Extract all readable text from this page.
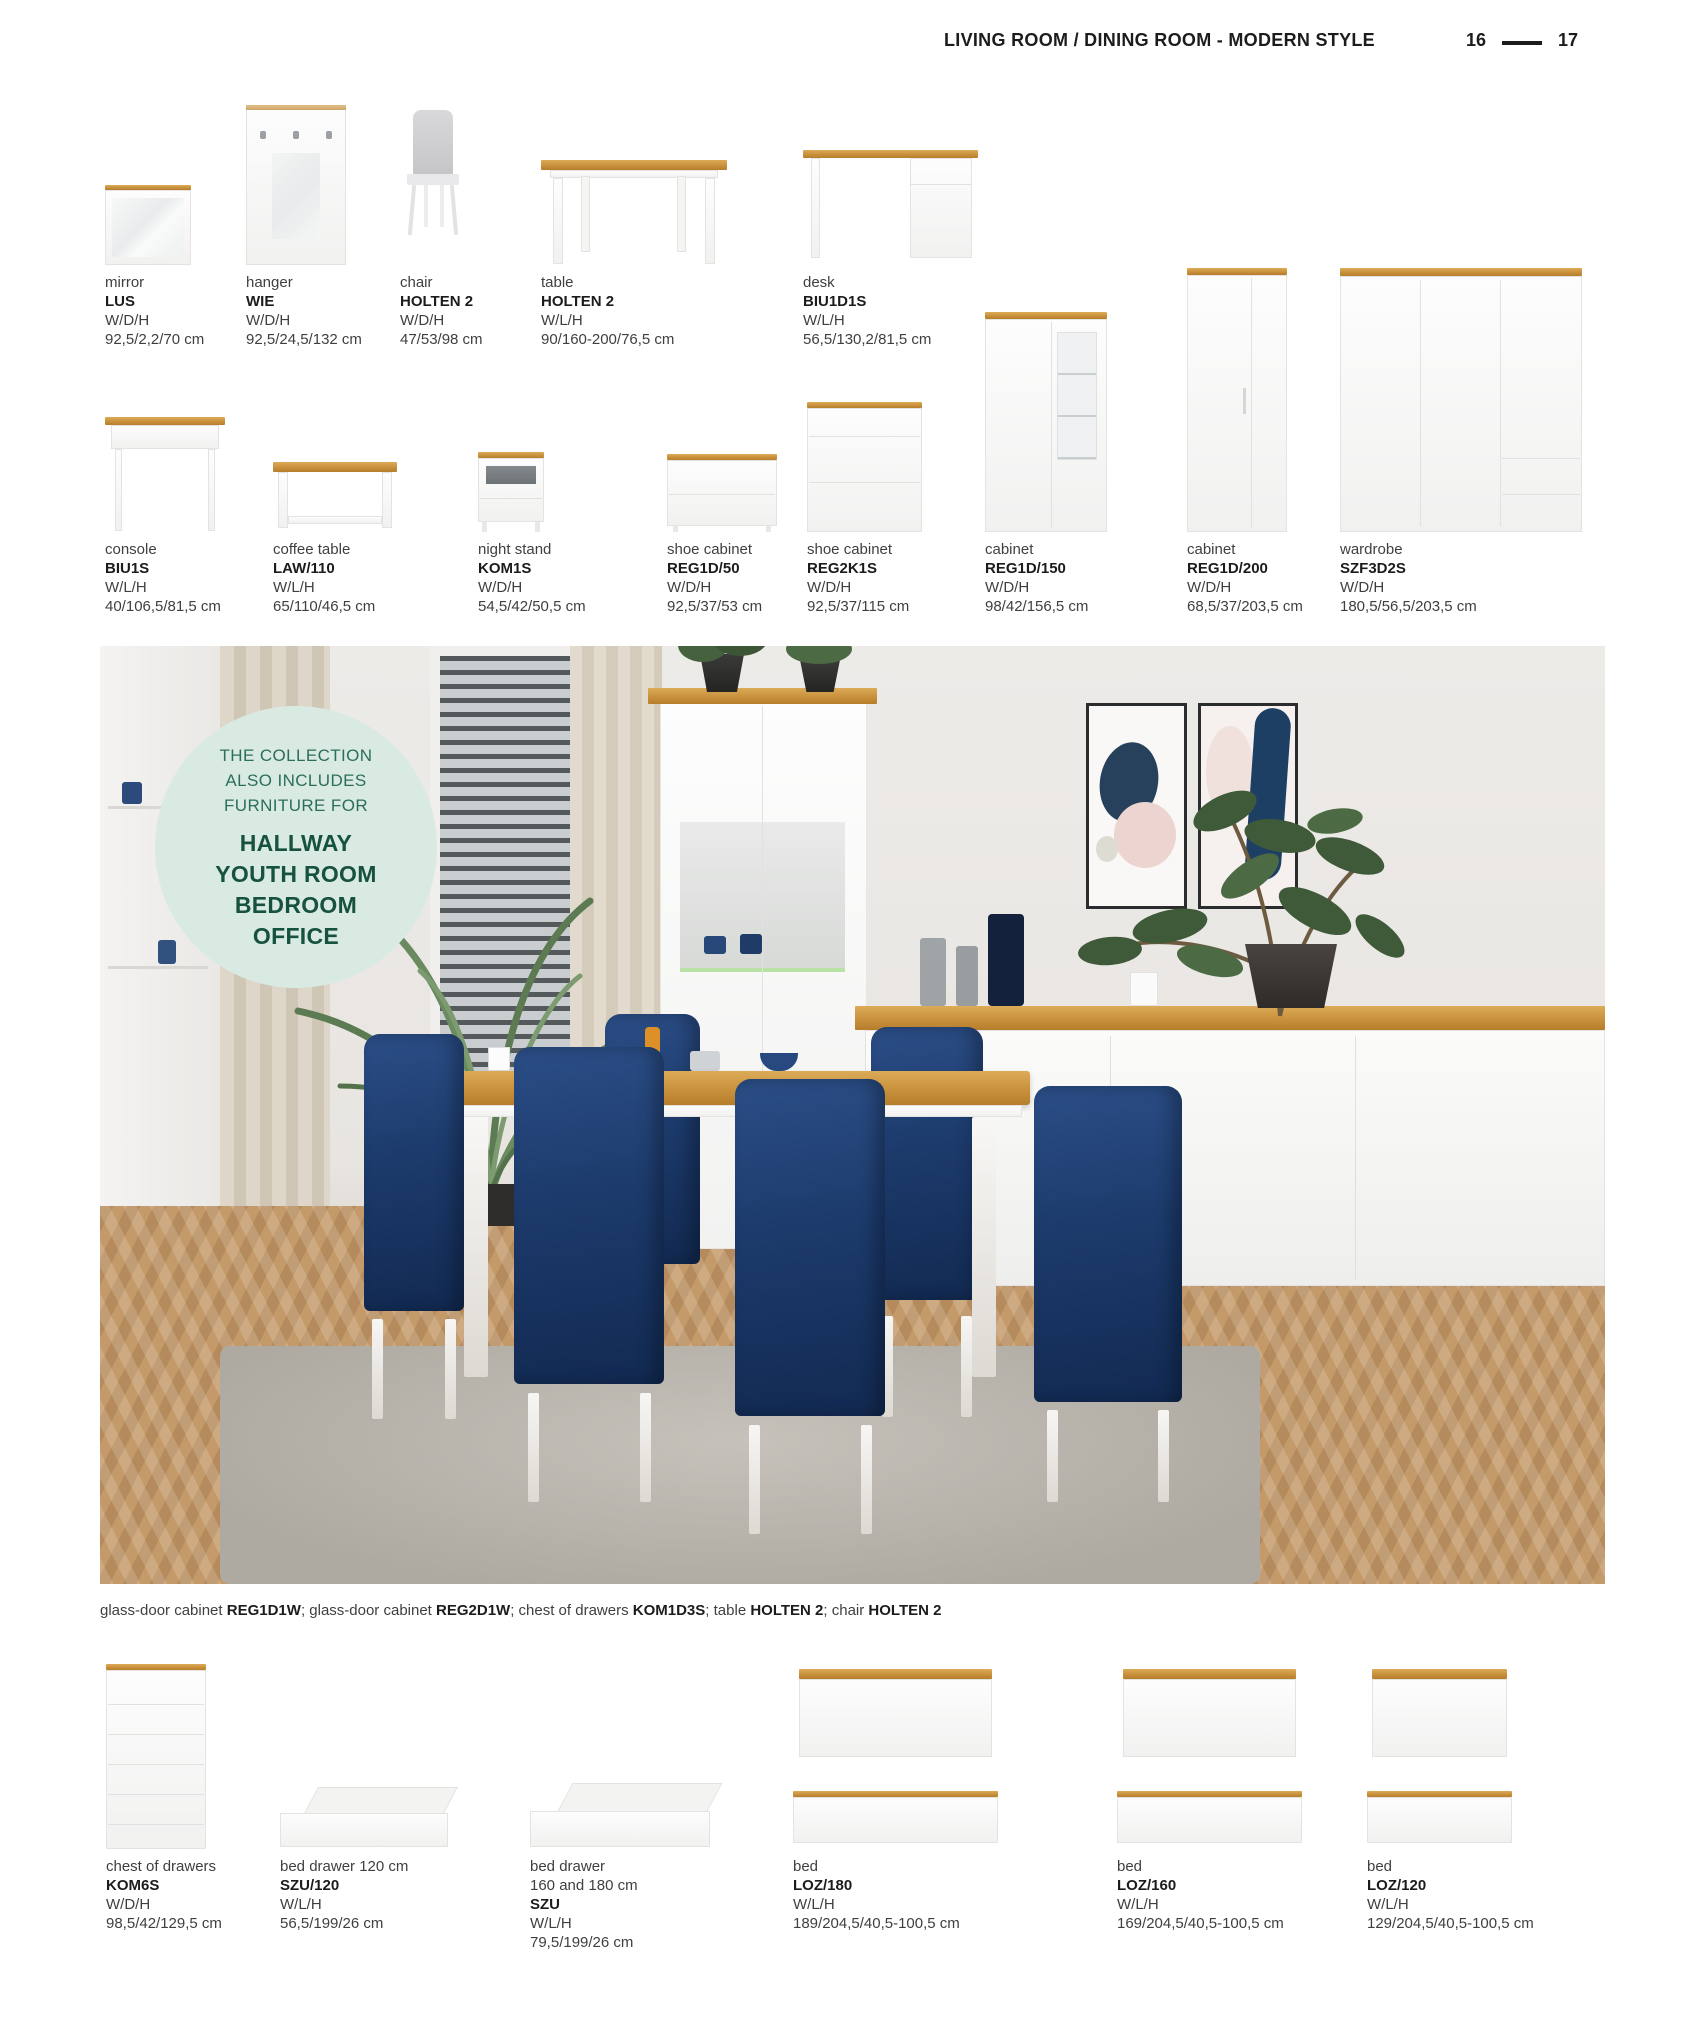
LIVING ROOM / DINING ROOM - MODERN STYLE	16	17
mirror
LUS
W/D/H
92,5/2,2/70 cm
hanger
WIE
W/D/H
92,5/24,5/132 cm
chair
HOLTEN 2
W/D/H
47/53/98 cm
table
HOLTEN 2
W/L/H
90/160-200/76,5 cm
desk
BIU1D1S
W/L/H
56,5/130,2/81,5 cm
console
BIU1S
W/L/H
40/106,5/81,5 cm
coffee table
LAW/110
W/L/H
65/110/46,5 cm
night stand
KOM1S
W/D/H
54,5/42/50,5 cm
shoe cabinet
REG1D/50
W/D/H
92,5/37/53 cm
shoe cabinet
REG2K1S
W/D/H
92,5/37/115 cm
cabinet
REG1D/150
W/D/H
98/42/156,5 cm
cabinet
REG1D/200
W/D/H
68,5/37/203,5 cm
wardrobe
SZF3D2S
W/D/H
180,5/56,5/203,5 cm
THE COLLECTION
ALSO INCLUDES
FURNITURE FOR
HALLWAY
YOUTH ROOM
BEDROOM
OFFICE
glass-door cabinet REG1D1W; glass-door cabinet REG2D1W; chest of drawers KOM1D3S; table HOLTEN 2; chair HOLTEN 2
chest of drawers
KOM6S
W/D/H
98,5/42/129,5 cm
bed drawer 120 cm
SZU/120
W/L/H
56,5/199/26 cm
bed drawer
160 and 180 cm
SZU
W/L/H
79,5/199/26 cm
bed
LOZ/180
W/L/H
189/204,5/40,5-100,5 cm
bed
LOZ/160
W/L/H
169/204,5/40,5-100,5 cm
bed
LOZ/120
W/L/H
129/204,5/40,5-100,5 cm
